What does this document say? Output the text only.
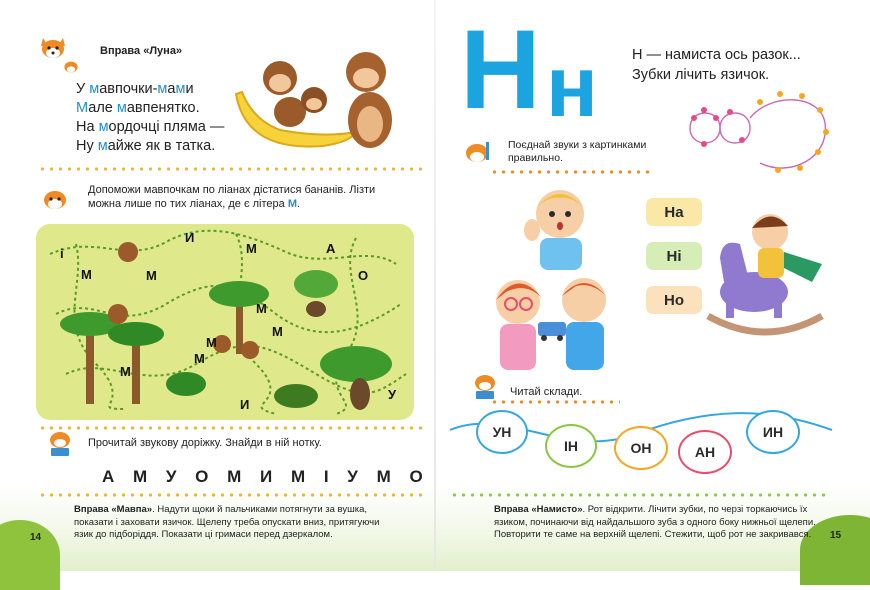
Вправа «Луна»
У мавпочки-мами
Мале мавпенятко.
На мордочці пляма —
Ну майже як в татка.
Допоможи мавпочкам по ліанах дістатися бананів. Лізти можна лише по тих ліанах, де є літера М.
і
М	М
И
М	А
О
М
М
М
М
М
И
У
Прочитай звукову доріжку. Знайди в ній нотку.
А М У О М И М І У М О
Вправа «Мавпа». Надути щоки й пальчиками потягнути за вушка, показати і заховати язичок. Щелепу треба опускати вниз, притягуючи язик до підборіддя. Показати ці гримаси перед дзеркалом.
14
Н н Н — намиста ось разок...
Зубки лічить язичок.
Поєднай звуки з картинками правильно.
На
Ні
Но
Читай склади.
УН
ІН	ОН	АН
ИН
Вправа «Намисто». Рот відкрити. Лічити зубки, по черзі торкаючись їх язиком, починаючи від найдальшого зуба з одного боку нижньої щелепи. Повторити те саме на верхній щелепі. Стежити, щоб рот не закривався.	15
